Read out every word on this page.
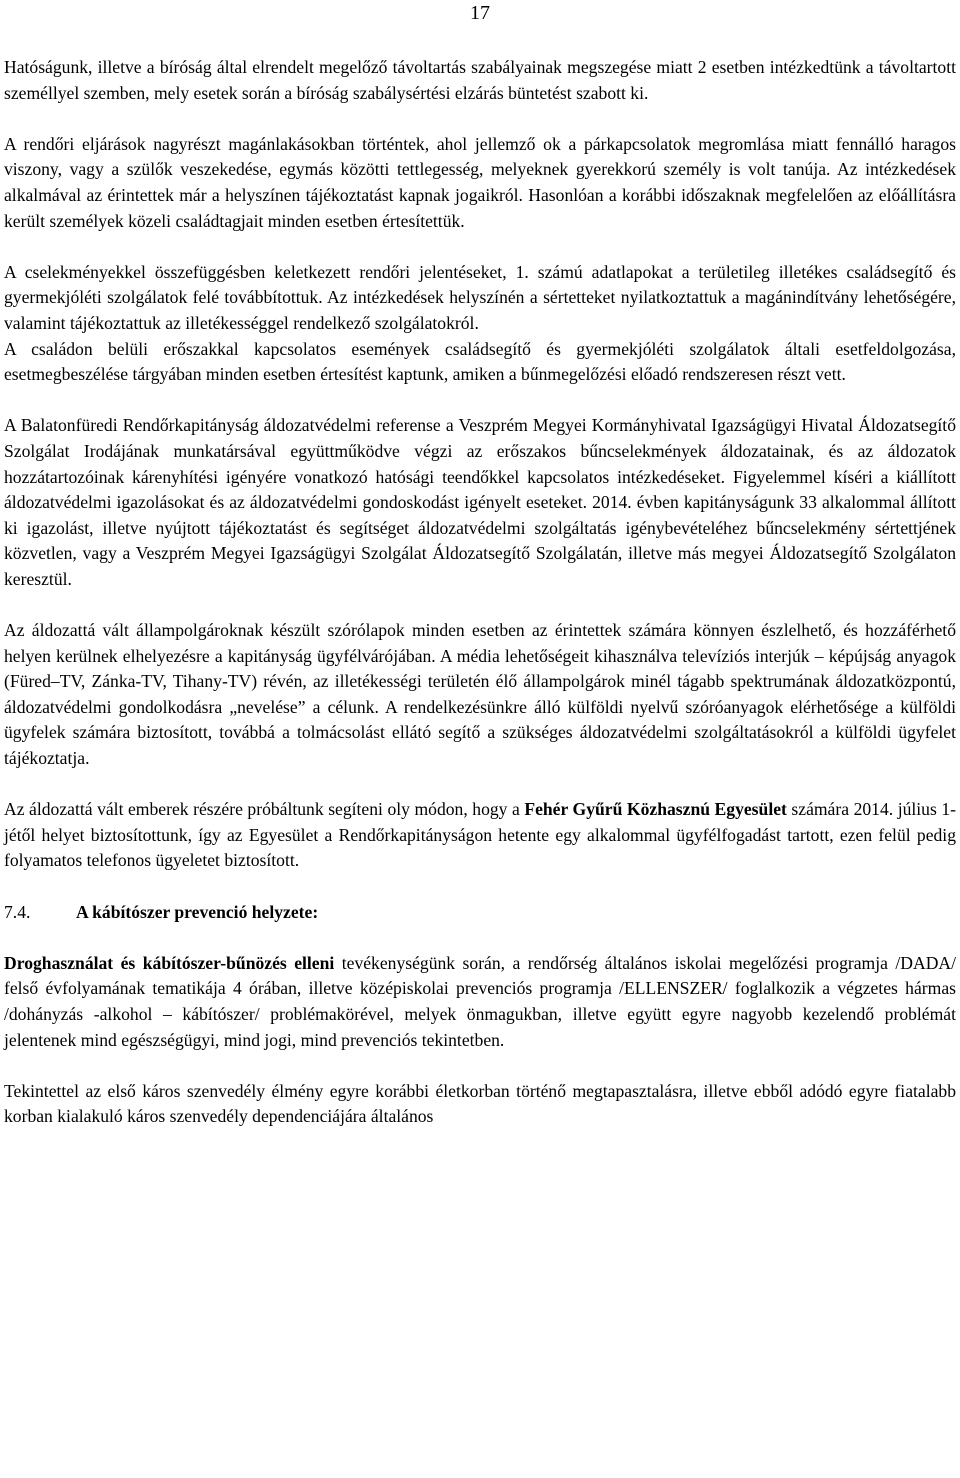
17

Hatóságunk, illetve a bíróság által elrendelt megelőző távoltartás szabályainak megszegése miatt 2 esetben intézkedtünk a távoltartott személlyel szemben, mely esetek során a bíróság szabálysértési elzárás büntetést szabott ki.

A rendőri eljárások nagyrészt magánlakásokban történtek, ahol jellemző ok a párkapcsolatok megromlása miatt fennálló haragos viszony, vagy a szülők veszekedése, egymás közötti tettlegesség, melyeknek gyerekkorú személy is volt tanúja. Az intézkedések alkalmával az érintettek már a helyszínen tájékoztatást kapnak jogaikról. Hasonlóan a korábbi időszaknak megfelelően az előállításra került személyek közeli családtagjait minden esetben értesítettük.

A cselekményekkel összefüggésben keletkezett rendőri jelentéseket, 1. számú adatlapokat a területileg illetékes családsegítő és gyermekjóléti szolgálatok felé továbbítottuk. Az intézkedések helyszínén a sértetteket nyilatkoztattuk a magánindítvány lehetőségére, valamint tájékoztattuk az illetékességgel rendelkező szolgálatokról.

A családon belüli erőszakkal kapcsolatos események családsegítő és gyermekjóléti szolgálatok általi esetfeldolgozása, esetmegbeszélése tárgyában minden esetben értesítést kaptunk, amiken a bűnmegelőzési előadó rendszeresen részt vett.

A Balatonfüredi Rendőrkapitányság áldozatvédelmi referense a Veszprém Megyei Kormányhivatal Igazságügyi Hivatal Áldozatsegítő Szolgálat Irodájának munkatársával együttműködve végzi az erőszakos bűncselekmények áldozatainak, és az áldozatok hozzátartozóinak kárenyhítési igényére vonatkozó hatósági teendőkkel kapcsolatos intézkedéseket. Figyelemmel kíséri a kiállított áldozatvédelmi igazolásokat és az áldozatvédelmi gondoskodást igényelt eseteket. 2014. évben kapitányságunk 33 alkalommal állított ki igazolást, illetve nyújtott tájékoztatást és segítséget áldozatvédelmi szolgáltatás igénybevételéhez bűncselekmény sértettjének közvetlen, vagy a Veszprém Megyei Igazságügyi Szolgálat Áldozatsegítő Szolgálatán, illetve más megyei Áldozatsegítő Szolgálaton keresztül.

Az áldozattá vált állampolgároknak készült szórólapok minden esetben az érintettek számára könnyen észlelhető, és hozzáférhető helyen kerülnek elhelyezésre a kapitányság ügyfélvárójában. A média lehetőségeit kihasználva televíziós interjúk – képújság anyagok (Füred–TV, Zánka-TV, Tihany-TV) révén, az illetékességi területén élő állampolgárok minél tágabb spektrumának áldozatközpontú, áldozatvédelmi gondolkodásra „nevelése” a célunk. A rendelkezésünkre álló külföldi nyelvű szóróanyagok elérhetősége a külföldi ügyfelek számára biztosított, továbbá a tolmácsolást ellátó segítő a szükséges áldozatvédelmi szolgáltatásokról a külföldi ügyfelet tájékoztatja.

Az áldozattá vált emberek részére próbáltunk segíteni oly módon, hogy a Fehér Gyűrű Közhasznú Egyesület számára 2014. július 1-jétől helyet biztosítottunk, így az Egyesület a Rendőrkapitányságon hetente egy alkalommal ügyfélfogadást tartott, ezen felül pedig folyamatos telefonos ügyeletet biztosított.

7.4.	A kábítószer prevenció helyzete:

Droghasználat és kábítószer-bűnözés elleni tevékenységünk során, a rendőrség általános iskolai megelőzési programja /DADA/ felső évfolyamának tematikája 4 órában, illetve középiskolai prevenciós programja /ELLENSZER/ foglalkozik a végzetes hármas /dohányzás -alkohol – kábítószer/ problémakörével, melyek önmagukban, illetve együtt egyre nagyobb kezelendő problémát jelentenek mind egészségügyi, mind jogi, mind prevenciós tekintetben.

Tekintettel az első káros szenvedély élmény egyre korábbi életkorban történő megtapasztalásra, illetve ebből adódó egyre fiatalabb korban kialakuló káros szenvedély dependenciájára általános
